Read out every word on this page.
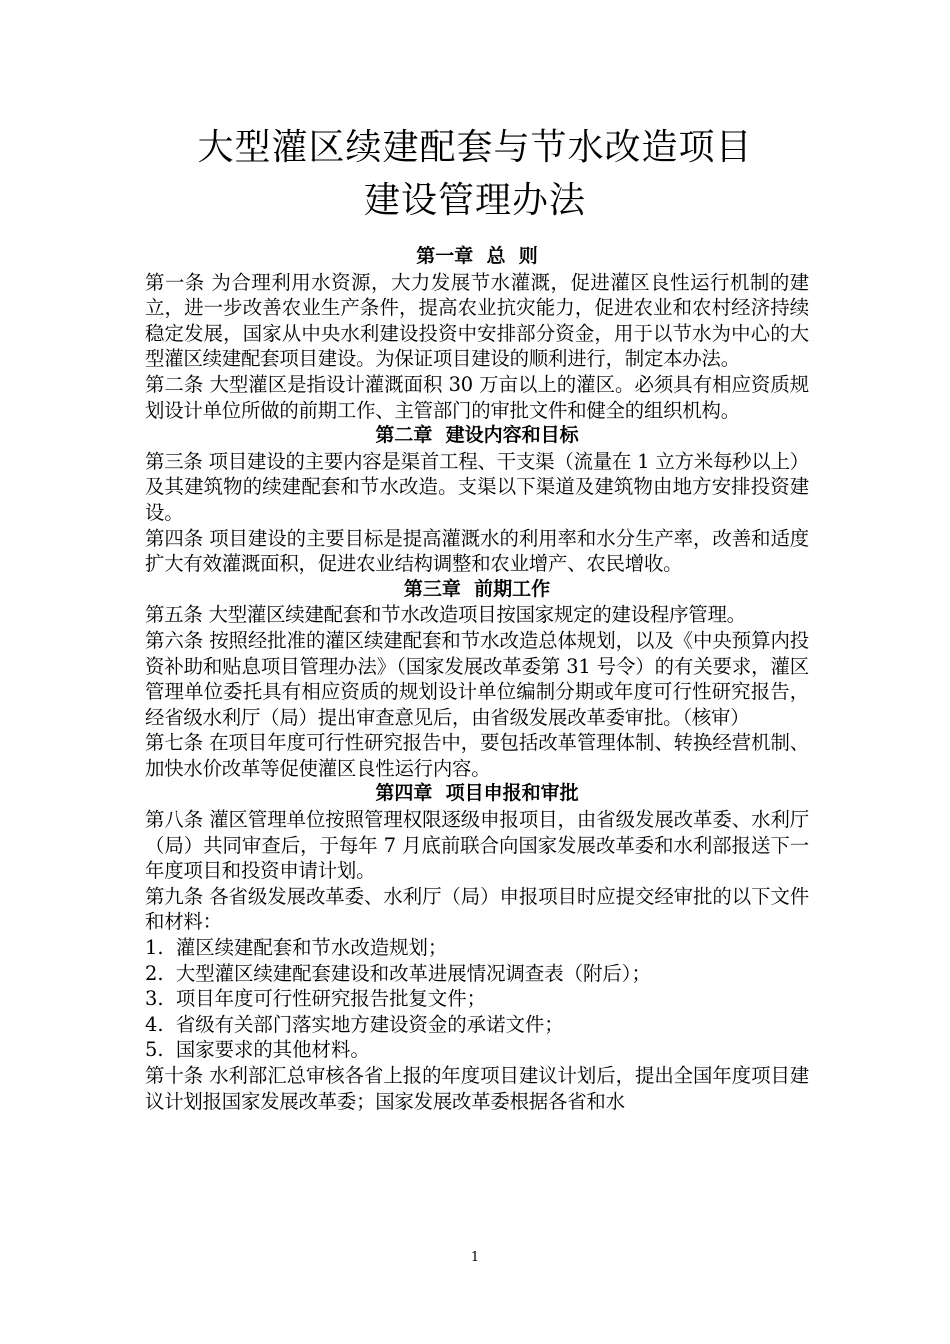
大型灌区续建配套与节水改造项目
建设管理办法
第一章  总  则
第一条 为合理利用水资源，大力发展节水灌溉，促进灌区良性运行机制的建立，进一步改善农业生产条件，提高农业抗灾能力，促进农业和农村经济持续稳定发展，国家从中央水利建设投资中安排部分资金，用于以节水为中心的大型灌区续建配套项目建设。为保证项目建设的顺利进行，制定本办法。
第二条 大型灌区是指设计灌溉面积 30 万亩以上的灌区。必须具有相应资质规划设计单位所做的前期工作、主管部门的审批文件和健全的组织机构。
第二章  建设内容和目标
第三条 项目建设的主要内容是渠首工程、干支渠（流量在 1 立方米每秒以上）及其建筑物的续建配套和节水改造。支渠以下渠道及建筑物由地方安排投资建设。
第四条 项目建设的主要目标是提高灌溉水的利用率和水分生产率，改善和适度扩大有效灌溉面积，促进农业结构调整和农业增产、农民增收。
第三章  前期工作
第五条 大型灌区续建配套和节水改造项目按国家规定的建设程序管理。
第六条 按照经批准的灌区续建配套和节水改造总体规划，以及《中央预算内投资补助和贴息项目管理办法》（国家发展改革委第 31 号令）的有关要求，灌区管理单位委托具有相应资质的规划设计单位编制分期或年度可行性研究报告，经省级水利厅（局）提出审查意见后，由省级发展改革委审批。（核审）
第七条 在项目年度可行性研究报告中，要包括改革管理体制、转换经营机制、加快水价改革等促使灌区良性运行内容。
第四章  项目申报和审批
第八条 灌区管理单位按照管理权限逐级申报项目，由省级发展改革委、水利厅（局）共同审查后，于每年 7 月底前联合向国家发展改革委和水利部报送下一年度项目和投资申请计划。
第九条 各省级发展改革委、水利厅（局）申报项目时应提交经审批的以下文件和材料：
1.  灌区续建配套和节水改造规划；
2.  大型灌区续建配套建设和改革进展情况调查表（附后）；
3.  项目年度可行性研究报告批复文件；
4.  省级有关部门落实地方建设资金的承诺文件；
5.  国家要求的其他材料。
第十条 水利部汇总审核各省上报的年度项目建议计划后，提出全国年度项目建议计划报国家发展改革委；国家发展改革委根据各省和水
1
